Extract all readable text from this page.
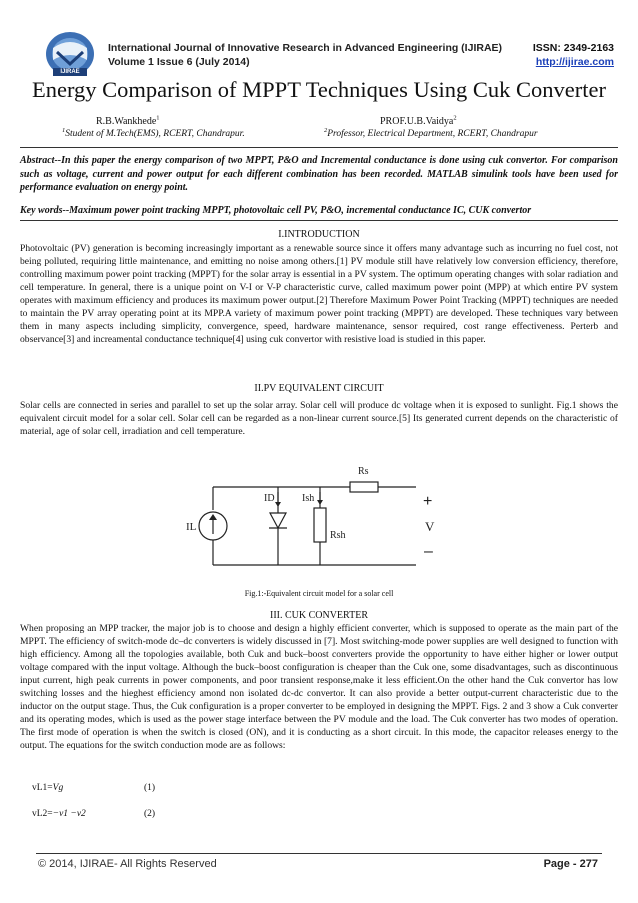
IJIRAE
International Journal of Innovative Research in Advanced Engineering (IJIRAE)
Volume 1 Issue 6 (July 2014)
ISSN: 2349-2163
http://ijirae.com
Energy Comparison of MPPT Techniques Using Cuk Converter
R.B.Wankhede$^1$
$^1$Student of M.Tech(EMS), RCERT, Chandrapur.
PROF.U.B.Vaidya$^2$
$^2$Professor, Electrical Department, RCERT, Chandrapur
Abstract--In this paper the energy comparison of two MPPT, P&O and Incremental conductance is done using cuk convertor. For comparison such as voltage, current and power output for each different combination has been recorded. MATLAB simulink tools have been used for performance evaluation on energy point.
Key words--Maximum power point tracking MPPT, photovoltaic cell PV, P&O, incremental conductance IC, CUK convertor
I.INTRODUCTION
Photovoltaic (PV) generation is becoming increasingly important as a renewable source since it offers many advantage such as incurring no fuel cost, not being polluted, requiring little maintenance, and emitting no noise among others.[1] PV module still have relatively low conversion efficiency, therefore, controlling maximum power point tracking (MPPT) for the solar array is essential in a PV system. The optimum operating changes with solar radiation and cell temperature. In general, there is a unique point on V-I or V-P characteristic curve, called maximum power point (MPP) at which entire PV system operates with maximum efficiency and produces its maximum power output.[2] Therefore Maximum Power Point Tracking (MPPT) techniques are needed to maintain the PV array operating point at its MPP.A variety of maximum power point tracking (MPPT) are developed. These techniques vary between them in many aspects including simplicity, convergence, speed, hardware maintenance, sensor required, cost range effectiveness. Perterb and observance[3] and increamental conductance technique[4] using cuk convertor with resistive load is studied in this paper.
II.PV EQUIVALENT CIRCUIT
Solar cells are connected in series and parallel to set up the solar array. Solar cell will produce dc voltage when it is exposed to sunlight. Fig.1 shows the equivalent circuit model for a solar cell. Solar cell can be regarded as a non-linear current source.[5] Its generated current depends on the characteristic of material, age of solar cell, irradiation and cell temperature.
IL
ID	Ish
Rs
Rsh
+
V
–
Fig.1:-Equivalent circuit model for a solar cell
III. CUK CONVERTER
When proposing an MPP tracker, the major job is to choose and design a highly efficient converter, which is supposed to operate as the main part of the MPPT. The efficiency of switch-mode dc–dc converters is widely discussed in [7]. Most switching-mode power supplies are well designed to function with high efficiency. Among all the topologies available, both Cuk and buck–boost converters provide the opportunity to have either higher or lower output voltage compared with the input voltage. Although the buck–boost configuration is cheaper than the Cuk one, some disadvantages, such as discontinuous input current, high peak currents in power components, and poor transient response,make it less efficient.On the other hand the Cuk convertor has low switching losses and the hieghest efficiency amond non isolated dc-dc convertor. It can also provide a better output-current characteristic due to the inductor on the output stage. Thus, the Cuk configuration is a proper converter to be employed in designing the MPPT. Figs. 2 and 3 show a Cuk converter and its operating modes, which is used as the power stage interface between the PV module and the load. The Cuk converter has two modes of operation. The first mode of operation is when the switch is closed (ON), and it is conducting as a short circuit. In this mode, the capacitor releases energy to the output. The equations for the switch conduction mode are as follows:
vL1=Vg	(1)
vL2=−v1 −v2	(2)
© 2014, IJIRAE- All Rights Reserved	Page - 277
